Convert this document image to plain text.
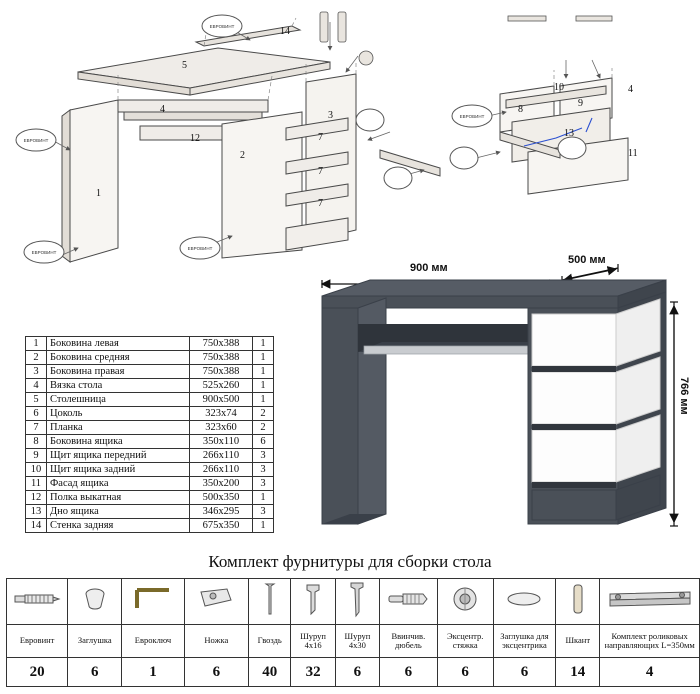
ЕВРОВИНТ
ЕВРОВИНТ
ЕВРОВИНТ
ЕВРОВИНТ
ЕВРОВИНТ
1
2
3
4
5
7
7
7
12
14
8
9
10	4
11
13
1	Боковина левая	750х388	1
2	Боковина средняя	750х388	1
3	Боковина правая	750х388	1
4	Вязка стола	525х260	1
5	Столешница	900х500	1
6	Цоколь	323х74	2
7	Планка	323х60	2
8	Боковина ящика	350х110	6
9	Щит ящика передний	266х110	3
10	Щит ящика задний	266х110	3
11	Фасад ящика	350х200	3
12	Полка выкатная	500х350	1
13	Дно ящика	346х295	3
14	Стенка задняя	675х350	1
900 мм
500 мм
766 мм
Комплект фурнитуры для сборки стола

Евровинт	Заглушка	Евроключ	Ножка	Гвоздь	Шуруп 4х16	Шуруп 4х30	Ввинчив. дюбель	Эксцентр. стяжка	Заглушка для эксцентрика	Шкант	Комплект роликовых направляющих L=350мм
20	6	1	6	40	32	6	6	6	6	14	4
